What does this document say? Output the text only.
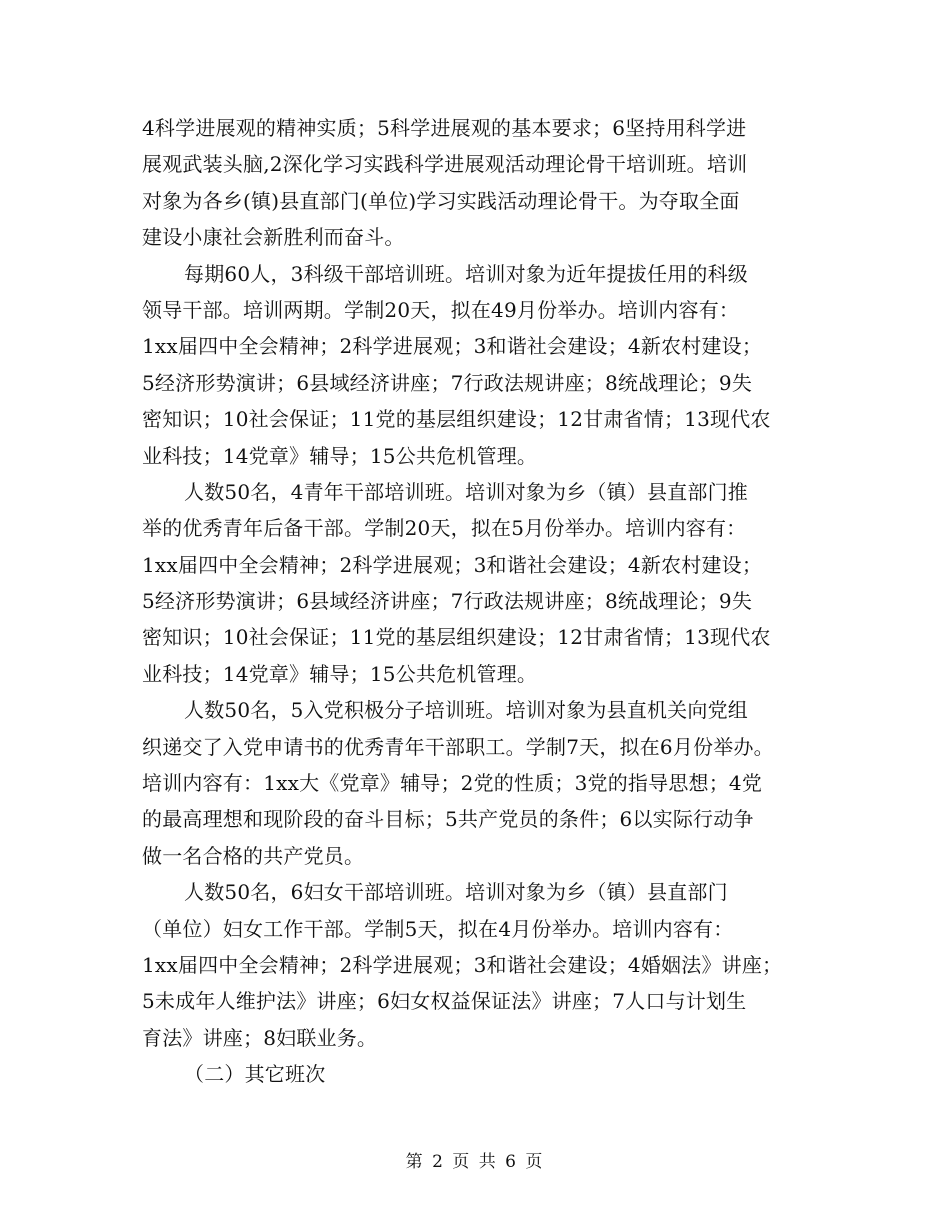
4科学进展观的精神实质；5科学进展观的基本要求；6坚持用科学进
展观武装头脑,2深化学习实践科学进展观活动理论骨干培训班。培训
对象为各乡(镇)县直部门(单位)学习实践活动理论骨干。为夺取全面
建设小康社会新胜利而奋斗。
每期60人，3科级干部培训班。培训对象为近年提拔任用的科级
领导干部。培训两期。学制20天，拟在49月份举办。培训内容有：
1xx届四中全会精神；2科学进展观；3和谐社会建设；4新农村建设；
5经济形势演讲；6县域经济讲座；7行政法规讲座；8统战理论；9失
密知识；10社会保证；11党的基层组织建设；12甘肃省情；13现代农
业科技；14党章》辅导；15公共危机管理。
人数50名，4青年干部培训班。培训对象为乡（镇）县直部门推
举的优秀青年后备干部。学制20天，拟在5月份举办。培训内容有：
1xx届四中全会精神；2科学进展观；3和谐社会建设；4新农村建设；
5经济形势演讲；6县域经济讲座；7行政法规讲座；8统战理论；9失
密知识；10社会保证；11党的基层组织建设；12甘肃省情；13现代农
业科技；14党章》辅导；15公共危机管理。
人数50名，5入党积极分子培训班。培训对象为县直机关向党组
织递交了入党申请书的优秀青年干部职工。学制7天，拟在6月份举办。
培训内容有：1xx大《党章》辅导；2党的性质；3党的指导思想；4党
的最高理想和现阶段的奋斗目标；5共产党员的条件；6以实际行动争
做一名合格的共产党员。
人数50名，6妇女干部培训班。培训对象为乡（镇）县直部门
（单位）妇女工作干部。学制5天，拟在4月份举办。培训内容有：
1xx届四中全会精神；2科学进展观；3和谐社会建设；4婚姻法》讲座；
5未成年人维护法》讲座；6妇女权益保证法》讲座；7人口与计划生
育法》讲座；8妇联业务。
（二）其它班次
第 2 页 共 6 页
